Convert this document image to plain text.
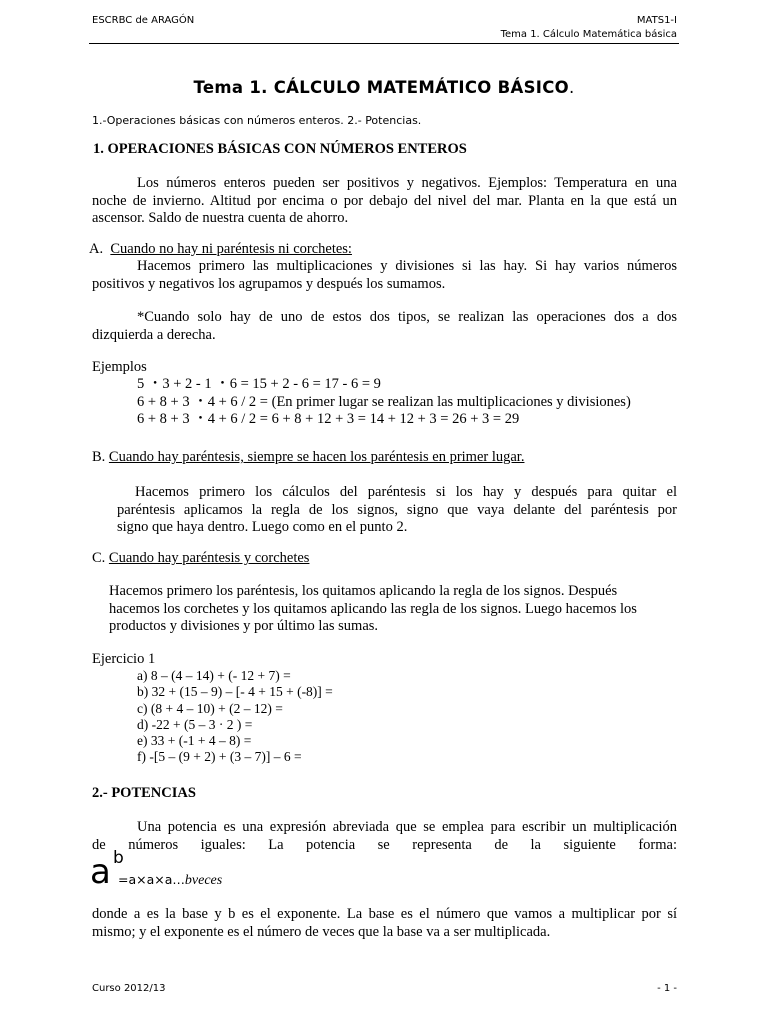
ESCRBC de ARAGÓN	MATS1-I
Tema 1. Cálculo Matemática básica
Tema 1. CÁLCULO MATEMÁTICO BÁSICO.
1.-Operaciones básicas con números enteros. 2.- Potencias.
1. OPERACIONES BÁSICAS CON NÚMEROS ENTEROS
Los números enteros pueden ser positivos y negativos. Ejemplos: Temperatura en una
noche de invierno. Altitud por encima o por debajo del nivel del mar. Planta en la que está un
ascensor. Saldo de nuestra cuenta de ahorro.
A. Cuando no hay ni paréntesis ni corchetes:
Hacemos primero las multiplicaciones y divisiones si las hay. Si hay varios números
positivos y negativos los agrupamos y después los sumamos.
*Cuando solo hay de uno de estos dos tipos, se realizan las operaciones dos a dos
dizquierda a derecha.
Ejemplos
5 ・3 + 2 - 1 ・6 = 15 + 2 - 6 = 17 - 6 = 9
6 + 8 + 3 ・4 + 6 / 2 = (En primer lugar se realizan las multiplicaciones y divisiones)
6 + 8 + 3 ・4 + 6 / 2 = 6 + 8 + 12 + 3 = 14 + 12 + 3 = 26 + 3 = 29
B. Cuando hay paréntesis, siempre se hacen los paréntesis en primer lugar.
Hacemos primero los cálculos del paréntesis si los hay y después para quitar el
paréntesis aplicamos la regla de los signos, signo que vaya delante del paréntesis por
signo que haya dentro. Luego como en el punto 2.
C. Cuando hay paréntesis y corchetes
Hacemos primero los paréntesis, los quitamos aplicando la regla de los signos. Después
hacemos los corchetes y los quitamos aplicando las regla de los signos. Luego hacemos los
productos y divisiones y por último las sumas.
Ejercicio 1
a) 8 – (4 – 14) + (- 12 + 7) =
b) 32 + (15 – 9) – [- 4 + 15 + (-8)] =
c) (8 + 4 – 10) + (2 – 12) =
d) -22 + (5 – 3 · 2 ) =
e) 33 + (-1 + 4 – 8) =
f) -[5 – (9 + 2) + (3 – 7)] – 6 =
2.- POTENCIAS
Una potencia es una expresión abreviada que se emplea para escribir un multiplicación
de números iguales: La potencia se representa de la siguiente forma:
a b
=a×a×a…bveces
donde a es la base y b es el exponente. La base es el número que vamos a multiplicar por sí
mismo; y el exponente es el número de veces que la base va a ser multiplicada.
Curso 2012/13	- 1 -
